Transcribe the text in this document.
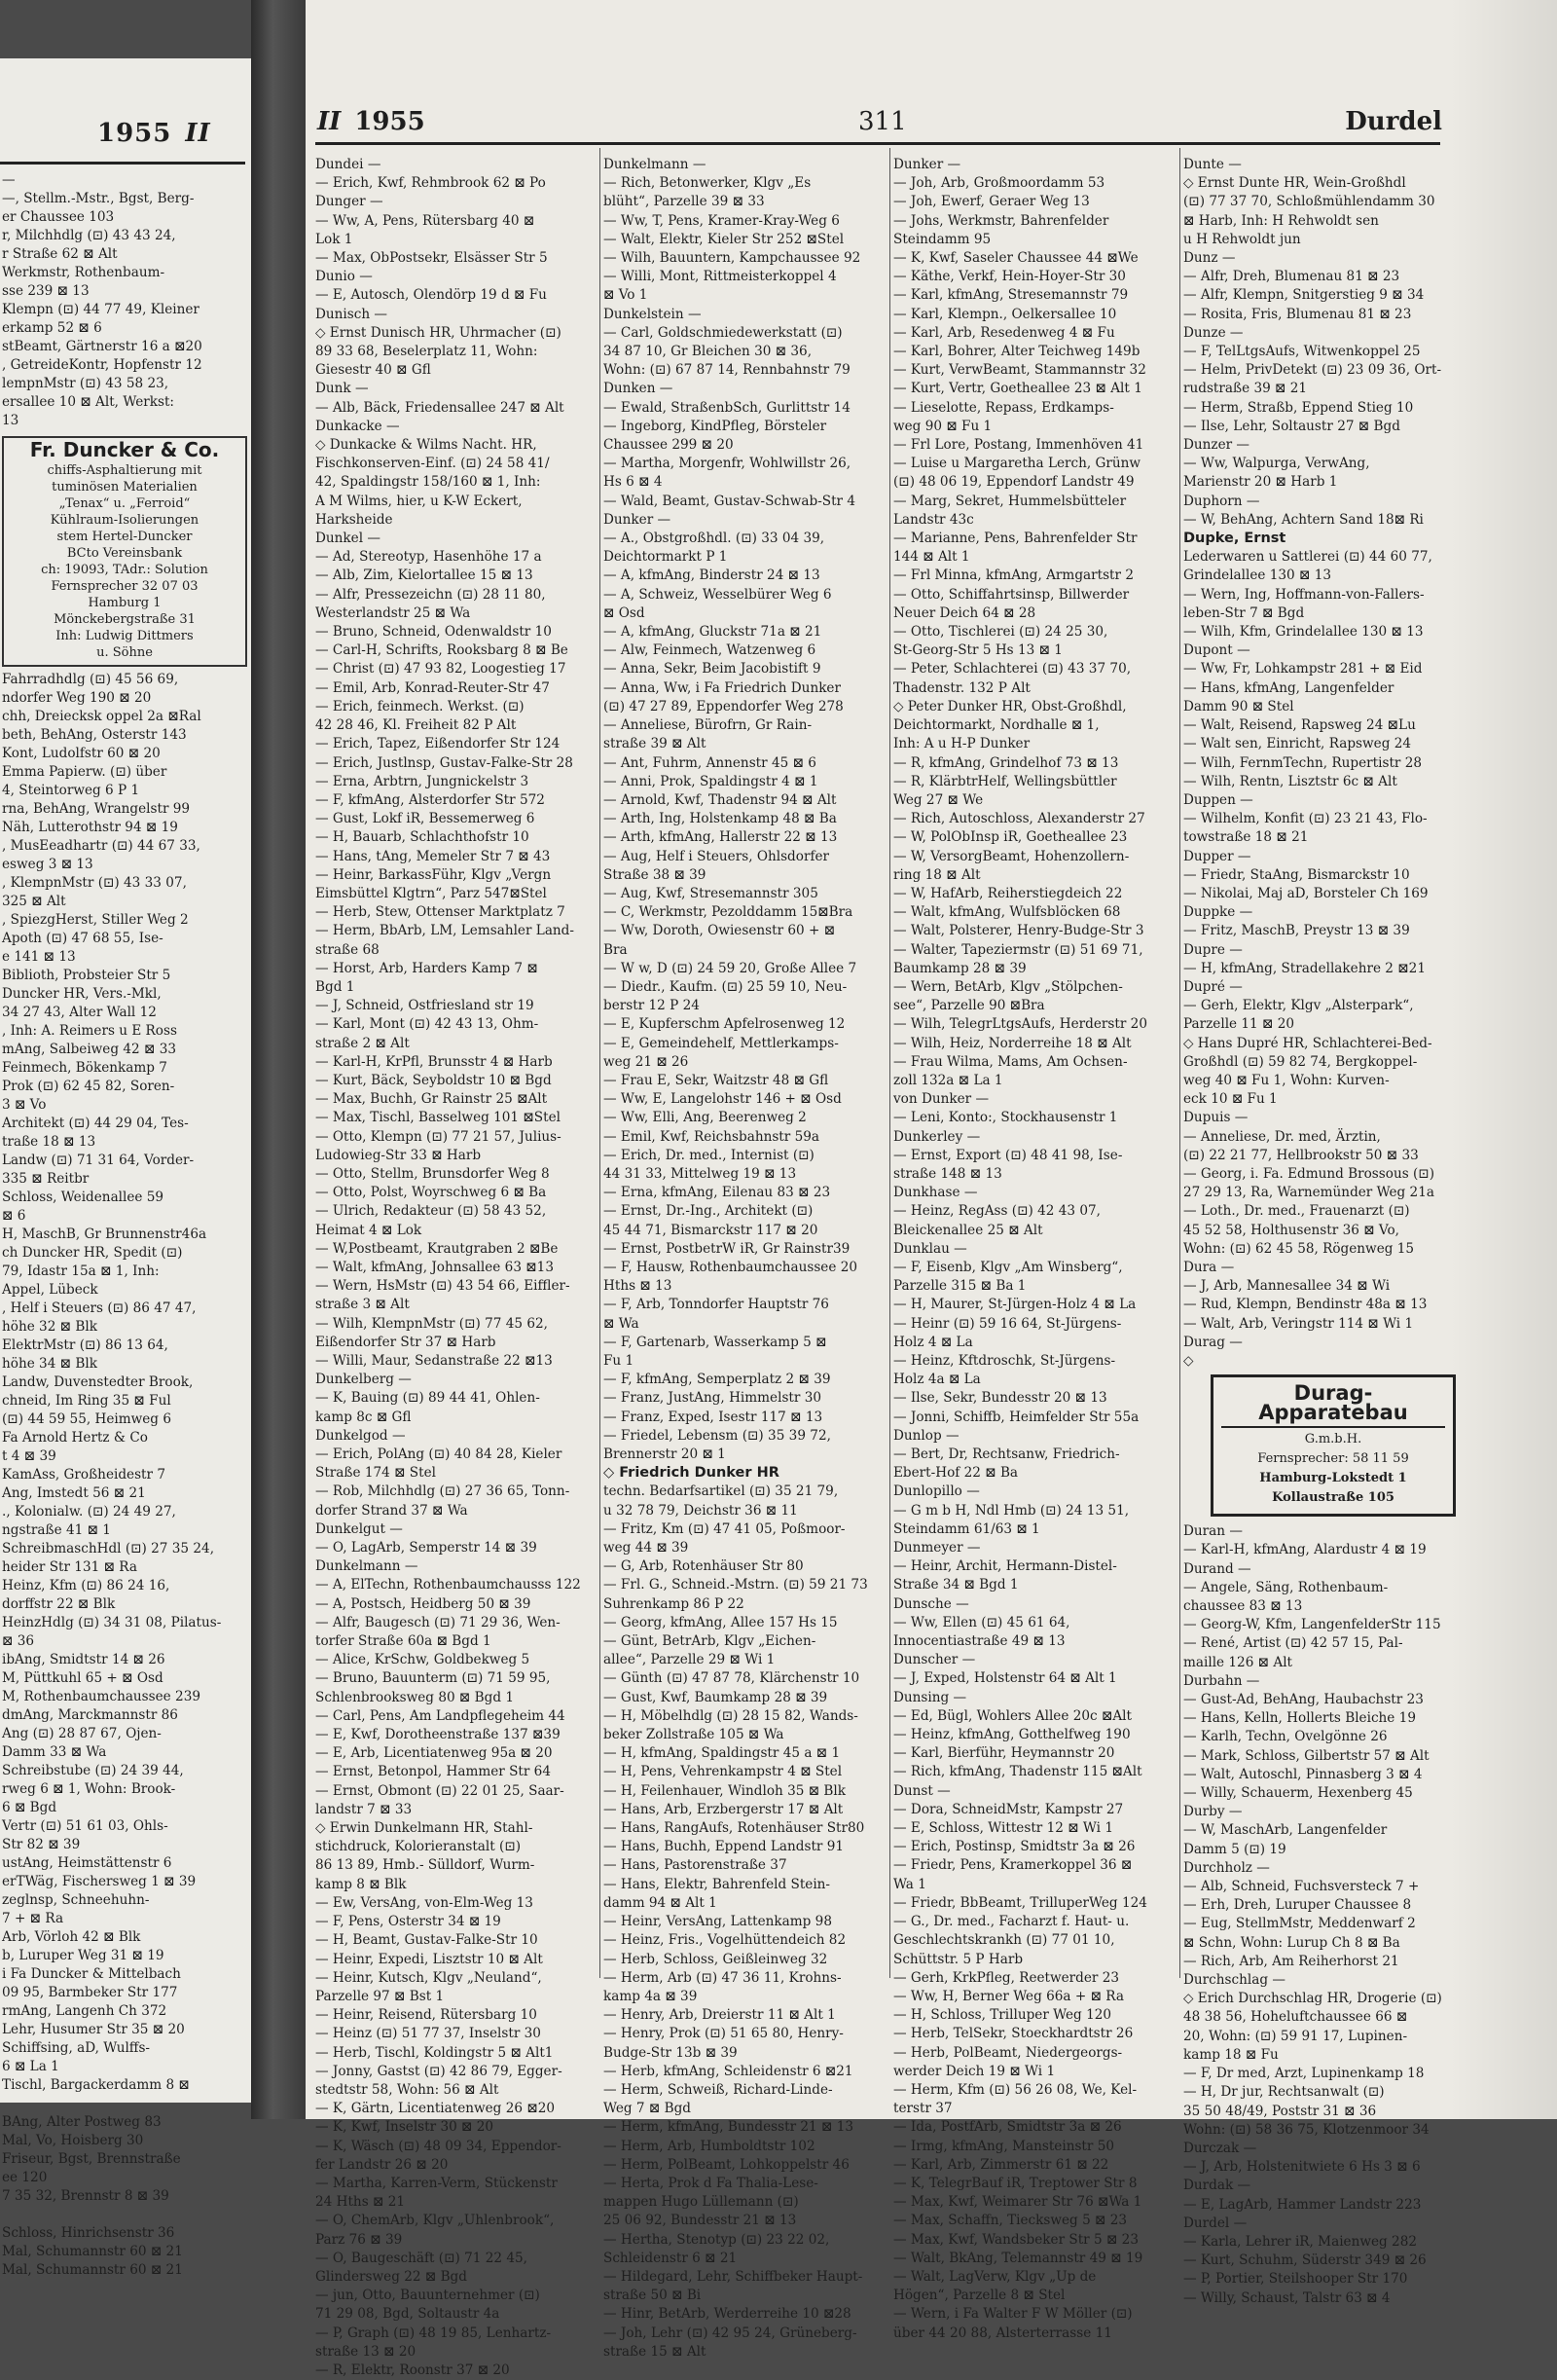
1955 II
—
—, Stellm.-Mstr., Bgst, Berg-
er Chaussee 103
r, Milchhdlg (⊡) 43 43 24,
r Straße 62 ⊠ Alt
Werkmstr, Rothenbaum-
sse 239 ⊠ 13
Klempn (⊡) 44 77 49, Kleiner
erkamp 52 ⊠ 6
stBeamt, Gärtnerstr 16 a ⊠20
, GetreideKontr, Hopfenstr 12
lempnMstr (⊡) 43 58 23,
ersallee 10 ⊠ Alt, Werkst:
13
Fr. Duncker & Co.
chiffs-Asphaltierung mit
tuminösen Materialien
„Tenax“ u. „Ferroid“
Kühlraum-Isolierungen
stem Hertel-Duncker
BCto Vereinsbank
ch: 19093, TAdr.: Solution
Fernsprecher 32 07 03
Hamburg 1
Mönckebergstraße 31
Inh: Ludwig Dittmers
u. Söhne
Fahrradhdlg (⊡) 45 56 69,
ndorfer Weg 190 ⊠ 20
chh, Dreiecksk oppel 2a ⊠Ral
beth, BehAng, Osterstr 143
Kont, Ludolfstr 60 ⊠ 20
Emma Papierw. (⊡) über
4, Steintorweg 6 P 1
rna, BehAng, Wrangelstr 99
Näh, Lutterothstr 94 ⊠ 19
, MusEeadhartr (⊡) 44 67 33,
esweg 3 ⊠ 13
, KlempnMstr (⊡) 43 33 07,
325 ⊠ Alt
, SpiezgHerst, Stiller Weg 2
Apoth (⊡) 47 68 55, Ise-
e 141 ⊠ 13
Biblioth, Probsteier Str 5
Duncker HR, Vers.-Mkl,
34 27 43, Alter Wall 12
, Inh: A. Reimers u E Ross
mAng, Salbeiweg 42 ⊠ 33
Feinmech, Bökenkamp 7
Prok (⊡) 62 45 82, Soren-
3 ⊠ Vo
Architekt (⊡) 44 29 04, Tes-
traße 18 ⊠ 13
Landw (⊡) 71 31 64, Vorder-
335 ⊠ Reitbr
Schloss, Weidenallee 59
⊠ 6
H, MaschB, Gr Brunnenstr46a
ch Duncker HR, Spedit (⊡)
79, Idastr 15a ⊠ 1, Inh:
Appel, Lübeck
, Helf i Steuers (⊡) 86 47 47,
höhe 32 ⊠ Blk
ElektrMstr (⊡) 86 13 64,
höhe 34 ⊠ Blk
Landw, Duvenstedter Brook,
chneid, Im Ring 35 ⊠ Ful
(⊡) 44 59 55, Heimweg 6
Fa Arnold Hertz & Co
t 4 ⊠ 39
KamAss, Großheidestr 7
Ang, Imstedt 56 ⊠ 21
., Kolonialw. (⊡) 24 49 27,
ngstraße 41 ⊠ 1
SchreibmaschHdl (⊡) 27 35 24,
heider Str 131 ⊠ Ra
Heinz, Kfm (⊡) 86 24 16,
dorffstr 22 ⊠ Blk
HeinzHdlg (⊡) 34 31 08, Pilatus-
⊠ 36
ibAng, Smidtstr 14 ⊠ 26
M, Püttkuhl 65 + ⊠ Osd
M, Rothenbaumchaussee 239
dmAng, Marckmannstr 86
Ang (⊡) 28 87 67, Ojen-
Damm 33 ⊠ Wa
Schreibstube (⊡) 24 39 44,
rweg 6 ⊠ 1, Wohn: Brook-
6 ⊠ Bgd
Vertr (⊡) 51 61 03, Ohls-
Str 82 ⊠ 39
ustAng, Heimstättenstr 6
erTWäg, Fischersweg 1 ⊠ 39
zeglnsp, Schneehuhn-
7 + ⊠ Ra
Arb, Vörloh 42 ⊠ Blk
b, Luruper Weg 31 ⊠ 19
i Fa Duncker & Mittelbach
09 95, Barmbeker Str 177
rmAng, Langenh Ch 372
Lehr, Husumer Str 35 ⊠ 20
Schiffsing, aD, Wulffs-
6 ⊠ La 1
Tischl, Bargackerdamm 8 ⊠

BAng, Alter Postweg 83
Mal, Vo, Hoisberg 30
Friseur, Bgst, Brennstraße
ee 120
7 35 32, Brennstr 8 ⊠ 39

Schloss, Hinrichsenstr 36
Mal, Schumannstr 60 ⊠ 21
Mal, Schumannstr 60 ⊠ 21
II 1955	311	Durdel
Dundei —
— Erich, Kwf, Rehmbrook 62 ⊠ Po
Dunger —
— Ww, A, Pens, Rütersbarg 40 ⊠
Lok 1
— Max, ObPostsekr, Elsässer Str 5
Dunio —
— E, Autosch, Olendörp 19 d ⊠ Fu
Dunisch —
◇ Ernst Dunisch HR, Uhrmacher (⊡)
89 33 68, Beselerplatz 11, Wohn:
Giesestr 40 ⊠ Gfl
Dunk —
— Alb, Bäck, Friedensallee 247 ⊠ Alt
Dunkacke —
◇ Dunkacke & Wilms Nacht. HR,
Fischkonserven-Einf. (⊡) 24 58 41/
42, Spaldingstr 158/160 ⊠ 1, Inh:
A M Wilms, hier, u K-W Eckert,
Harksheide
Dunkel —
— Ad, Stereotyp, Hasenhöhe 17 a
— Alb, Zim, Kielortallee 15 ⊠ 13
— Alfr, Pressezeichn (⊡) 28 11 80,
Westerlandstr 25 ⊠ Wa
— Bruno, Schneid, Odenwaldstr 10
— Carl-H, Schrifts, Rooksbarg 8 ⊠ Be
— Christ (⊡) 47 93 82, Loogestieg 17
— Emil, Arb, Konrad-Reuter-Str 47
— Erich, feinmech. Werkst. (⊡)
42 28 46, Kl. Freiheit 82 P Alt
— Erich, Tapez, Eißendorfer Str 124
— Erich, Justlnsp, Gustav-Falke-Str 28
— Erna, Arbtrn, Jungnickelstr 3
— F, kfmAng, Alsterdorfer Str 572
— Gust, Lokf iR, Bessemerweg 6
— H, Bauarb, Schlachthofstr 10
— Hans, tAng, Memeler Str 7 ⊠ 43
— Heinr, BarkassFühr, Klgv „Vergn
Eimsbüttel Klgtrn“, Parz 547⊠Stel
— Herb, Stew, Ottenser Marktplatz 7
— Herm, BbArb, LM, Lemsahler Land-
straße 68
— Horst, Arb, Harders Kamp 7 ⊠
Bgd 1
— J, Schneid, Ostfriesland str 19
— Karl, Mont (⊡) 42 43 13, Ohm-
straße 2 ⊠ Alt
— Karl-H, KrPfl, Brunsstr 4 ⊠ Harb
— Kurt, Bäck, Seyboldstr 10 ⊠ Bgd
— Max, Buchh, Gr Rainstr 25 ⊠Alt
— Max, Tischl, Basselweg 101 ⊠Stel
— Otto, Klempn (⊡) 77 21 57, Julius-
Ludowieg-Str 33 ⊠ Harb
— Otto, Stellm, Brunsdorfer Weg 8
— Otto, Polst, Woyrschweg 6 ⊠ Ba
— Ulrich, Redakteur (⊡) 58 43 52,
Heimat 4 ⊠ Lok
— W,Postbeamt, Krautgraben 2 ⊠Be
— Walt, kfmAng, Johnsallee 63 ⊠13
— Wern, HsMstr (⊡) 43 54 66, Eiffler-
straße 3 ⊠ Alt
— Wilh, KlempnMstr (⊡) 77 45 62,
Eißendorfer Str 37 ⊠ Harb
— Willi, Maur, Sedanstraße 22 ⊠13
Dunkelberg —
— K, Bauing (⊡) 89 44 41, Ohlen-
kamp 8c ⊠ Gfl
Dunkelgod —
— Erich, PolAng (⊡) 40 84 28, Kieler
Straße 174 ⊠ Stel
— Rob, Milchhdlg (⊡) 27 36 65, Tonn-
dorfer Strand 37 ⊠ Wa
Dunkelgut —
— O, LagArb, Semperstr 14 ⊠ 39
Dunkelmann —
— A, ElTechn, Rothenbaumchausss 122
— A, Postsch, Heidberg 50 ⊠ 39
— Alfr, Baugesch (⊡) 71 29 36, Wen-
torfer Straße 60a ⊠ Bgd 1
— Alice, KrSchw, Goldbekweg 5
— Bruno, Bauunterm (⊡) 71 59 95,
Schlenbrooksweg 80 ⊠ Bgd 1
— Carl, Pens, Am Landpflegeheim 44
— E, Kwf, Dorotheenstraße 137 ⊠39
— E, Arb, Licentiatenweg 95a ⊠ 20
— Ernst, Betonpol, Hammer Str 64
— Ernst, Obmont (⊡) 22 01 25, Saar-
landstr 7 ⊠ 33
◇ Erwin Dunkelmann HR, Stahl-
stichdruck, Kolorieranstalt (⊡)
86 13 89, Hmb.- Sülldorf, Wurm-
kamp 8 ⊠ Blk
— Ew, VersAng, von-Elm-Weg 13
— F, Pens, Osterstr 34 ⊠ 19
— H, Beamt, Gustav-Falke-Str 10
— Heinr, Expedi, Lisztstr 10 ⊠ Alt
— Heinr, Kutsch, Klgv „Neuland“,
Parzelle 97 ⊠ Bst 1
— Heinr, Reisend, Rütersbarg 10
— Heinz (⊡) 51 77 37, Inselstr 30
— Herb, Tischl, Koldingstr 5 ⊠ Alt1
— Jonny, Gastst (⊡) 42 86 79, Egger-
stedtstr 58, Wohn: 56 ⊠ Alt
— K, Gärtn, Licentiatenweg 26 ⊠20
— K, Kwf, Inselstr 30 ⊠ 20
— K, Wäsch (⊡) 48 09 34, Eppendor-
fer Landstr 26 ⊠ 20
— Martha, Karren-Verm, Stückenstr
24 Hths ⊠ 21
— O, ChemArb, Klgv „Uhlenbrook“,
Parz 76 ⊠ 39
— O, Baugeschäft (⊡) 71 22 45,
Glindersweg 22 ⊠ Bgd
— jun, Otto, Bauunternehmer (⊡)
71 29 08, Bgd, Soltaustr 4a
— P, Graph (⊡) 48 19 85, Lenhartz-
straße 13 ⊠ 20
— R, Elektr, Roonstr 37 ⊠ 20
Dunkelmann —
— Rich, Betonwerker, Klgv „Es
blüht“, Parzelle 39 ⊠ 33
— Ww, T, Pens, Kramer-Kray-Weg 6
— Walt, Elektr, Kieler Str 252 ⊠Stel
— Wilh, Bauuntern, Kampchaussee 92
— Willi, Mont, Rittmeisterkoppel 4
⊠ Vo 1
Dunkelstein —
— Carl, Goldschmiedewerkstatt (⊡)
34 87 10, Gr Bleichen 30 ⊠ 36,
Wohn: (⊡) 67 87 14, Rennbahnstr 79
Dunken —
— Ewald, StraßenbSch, Gurlittstr 14
— Ingeborg, KindPfleg, Börsteler
Chaussee 299 ⊠ 20
— Martha, Morgenfr, Wohlwillstr 26,
Hs 6 ⊠ 4
— Wald, Beamt, Gustav-Schwab-Str 4
Dunker —
— A., Obstgroßhdl. (⊡) 33 04 39,
Deichtormarkt P 1
— A, kfmAng, Binderstr 24 ⊠ 13
— A, Schweiz, Wesselbürer Weg 6
⊠ Osd
— A, kfmAng, Gluckstr 71a ⊠ 21
— Alw, Feinmech, Watzenweg 6
— Anna, Sekr, Beim Jacobistift 9
— Anna, Ww, i Fa Friedrich Dunker
(⊡) 47 27 89, Eppendorfer Weg 278
— Anneliese, Bürofrn, Gr Rain-
straße 39 ⊠ Alt
— Ant, Fuhrm, Annenstr 45 ⊠ 6
— Anni, Prok, Spaldingstr 4 ⊠ 1
— Arnold, Kwf, Thadenstr 94 ⊠ Alt
— Arth, Ing, Holstenkamp 48 ⊠ Ba
— Arth, kfmAng, Hallerstr 22 ⊠ 13
— Aug, Helf i Steuers, Ohlsdorfer
Straße 38 ⊠ 39
— Aug, Kwf, Stresemannstr 305
— C, Werkmstr, Pezolddamm 15⊠Bra
— Ww, Doroth, Owiesenstr 60 + ⊠
Bra
— W w, D (⊡) 24 59 20, Große Allee 7
— Diedr., Kaufm. (⊡) 25 59 10, Neu-
berstr 12 P 24
— E, Kupferschm Apfelrosenweg 12
— E, Gemeindehelf, Mettlerkamps-
weg 21 ⊠ 26
— Frau E, Sekr, Waitzstr 48 ⊠ Gfl
— Ww, E, Langelohstr 146 + ⊠ Osd
— Ww, Elli, Ang, Beerenweg 2
— Emil, Kwf, Reichsbahnstr 59a
— Erich, Dr. med., Internist (⊡)
44 31 33, Mittelweg 19 ⊠ 13
— Erna, kfmAng, Eilenau 83 ⊠ 23
— Ernst, Dr.-Ing., Architekt (⊡)
45 44 71, Bismarckstr 117 ⊠ 20
— Ernst, PostbetrW iR, Gr Rainstr39
— F, Hausw, Rothenbaumchaussee 20
Hths ⊠ 13
— F, Arb, Tonndorfer Hauptstr 76
⊠ Wa
— F, Gartenarb, Wasserkamp 5 ⊠
Fu 1
— F, kfmAng, Semperplatz 2 ⊠ 39
— Franz, JustAng, Himmelstr 30
— Franz, Exped, Isestr 117 ⊠ 13
— Friedel, Lebensm (⊡) 35 39 72,
Brennerstr 20 ⊠ 1
◇ Friedrich Dunker HR
techn. Bedarfsartikel (⊡) 35 21 79,
u 32 78 79, Deichstr 36 ⊠ 11
— Fritz, Km (⊡) 47 41 05, Poßmoor-
weg 44 ⊠ 39
— G, Arb, Rotenhäuser Str 80
— Frl. G., Schneid.-Mstrn. (⊡) 59 21 73
Suhrenkamp 86 P 22
— Georg, kfmAng, Allee 157 Hs 15
— Günt, BetrArb, Klgv „Eichen-
allee“, Parzelle 29 ⊠ Wi 1
— Günth (⊡) 47 87 78, Klärchenstr 10
— Gust, Kwf, Baumkamp 28 ⊠ 39
— H, Möbelhdlg (⊡) 28 15 82, Wands-
beker Zollstraße 105 ⊠ Wa
— H, kfmAng, Spaldingstr 45 a ⊠ 1
— H, Pens, Vehrenkampstr 4 ⊠ Stel
— H, Feilenhauer, Windloh 35 ⊠ Blk
— Hans, Arb, Erzbergerstr 17 ⊠ Alt
— Hans, RangAufs, Rotenhäuser Str80
— Hans, Buchh, Eppend Landstr 91
— Hans, Pastorenstraße 37
— Hans, Elektr, Bahrenfeld Stein-
damm 94 ⊠ Alt 1
— Heinr, VersAng, Lattenkamp 98
— Heinz, Fris., Vogelhüttendeich 82
— Herb, Schloss, Geißleinweg 32
— Herm, Arb (⊡) 47 36 11, Krohns-
kamp 4a ⊠ 39
— Henry, Arb, Dreierstr 11 ⊠ Alt 1
— Henry, Prok (⊡) 51 65 80, Henry-
Budge-Str 13b ⊠ 39
— Herb, kfmAng, Schleidenstr 6 ⊠21
— Herm, Schweiß, Richard-Linde-
Weg 7 ⊠ Bgd
— Herm, kfmAng, Bundesstr 21 ⊠ 13
— Herm, Arb, Humboldtstr 102
— Herm, PolBeamt, Lohkoppelstr 46
— Herta, Prok d Fa Thalia-Lese-
mappen Hugo Lüllemann (⊡)
25 06 92, Bundesstr 21 ⊠ 13
— Hertha, Stenotyp (⊡) 23 22 02,
Schleidenstr 6 ⊠ 21
— Hildegard, Lehr, Schiffbeker Haupt-
straße 50 ⊠ Bi
— Hinr, BetArb, Werderreihe 10 ⊠28
— Joh, Lehr (⊡) 42 95 24, Grüneberg-
straße 15 ⊠ Alt
Dunker —
— Joh, Arb, Großmoordamm 53
— Joh, Ewerf, Geraer Weg 13
— Johs, Werkmstr, Bahrenfelder
Steindamm 95
— K, Kwf, Saseler Chaussee 44 ⊠We
— Käthe, Verkf, Hein-Hoyer-Str 30
— Karl, kfmAng, Stresemannstr 79
— Karl, Klempn., Oelkersallee 10
— Karl, Arb, Resedenweg 4 ⊠ Fu
— Karl, Bohrer, Alter Teichweg 149b
— Kurt, VerwBeamt, Stammannstr 32
— Kurt, Vertr, Goetheallee 23 ⊠ Alt 1
— Lieselotte, Repass, Erdkamps-
weg 90 ⊠ Fu 1
— Frl Lore, Postang, Immenhöven 41
— Luise u Margaretha Lerch, Grünw
(⊡) 48 06 19, Eppendorf Landstr 49
— Marg, Sekret, Hummelsbütteler
Landstr 43c
— Marianne, Pens, Bahrenfelder Str
144 ⊠ Alt 1
— Frl Minna, kfmAng, Armgartstr 2
— Otto, Schiffahrtsinsp, Billwerder
Neuer Deich 64 ⊠ 28
— Otto, Tischlerei (⊡) 24 25 30,
St-Georg-Str 5 Hs 13 ⊠ 1
— Peter, Schlachterei (⊡) 43 37 70,
Thadenstr. 132 P Alt
◇ Peter Dunker HR, Obst-Großhdl,
Deichtormarkt, Nordhalle ⊠ 1,
Inh: A u H-P Dunker
— R, kfmAng, Grindelhof 73 ⊠ 13
— R, KlärbtrHelf, Wellingsbüttler
Weg 27 ⊠ We
— Rich, Autoschloss, Alexanderstr 27
— W, PolObInsp iR, Goetheallee 23
— W, VersorgBeamt, Hohenzollern-
ring 18 ⊠ Alt
— W, HafArb, Reiherstiegdeich 22
— Walt, kfmAng, Wulfsblöcken 68
— Walt, Polsterer, Henry-Budge-Str 3
— Walter, Tapeziermstr (⊡) 51 69 71,
Baumkamp 28 ⊠ 39
— Wern, BetArb, Klgv „Stölpchen-
see“, Parzelle 90 ⊠Bra
— Wilh, TelegrLtgsAufs, Herderstr 20
— Wilh, Heiz, Norderreihe 18 ⊠ Alt
— Frau Wilma, Mams, Am Ochsen-
zoll 132a ⊠ La 1
von Dunker —
— Leni, Konto:, Stockhausenstr 1
Dunkerley —
— Ernst, Export (⊡) 48 41 98, Ise-
straße 148 ⊠ 13
Dunkhase —
— Heinz, RegAss (⊡) 42 43 07,
Bleickenallee 25 ⊠ Alt
Dunklau —
— F, Eisenb, Klgv „Am Winsberg“,
Parzelle 315 ⊠ Ba 1
— H, Maurer, St-Jürgen-Holz 4 ⊠ La
— Heinr (⊡) 59 16 64, St-Jürgens-
Holz 4 ⊠ La
— Heinz, Kftdroschk, St-Jürgens-
Holz 4a ⊠ La
— Ilse, Sekr, Bundesstr 20 ⊠ 13
— Jonni, Schiffb, Heimfelder Str 55a
Dunlop —
— Bert, Dr, Rechtsanw, Friedrich-
Ebert-Hof 22 ⊠ Ba
Dunlopillo —
— G m b H, Ndl Hmb (⊡) 24 13 51,
Steindamm 61/63 ⊠ 1
Dunmeyer —
— Heinr, Archit, Hermann-Distel-
Straße 34 ⊠ Bgd 1
Dunsche —
— Ww, Ellen (⊡) 45 61 64,
Innocentiastraße 49 ⊠ 13
Dunscher —
— J, Exped, Holstenstr 64 ⊠ Alt 1
Dunsing —
— Ed, Bügl, Wohlers Allee 20c ⊠Alt
— Heinz, kfmAng, Gotthelfweg 190
— Karl, Bierführ, Heymannstr 20
— Rich, kfmAng, Thadenstr 115 ⊠Alt
Dunst —
— Dora, SchneidMstr, Kampstr 27
— E, Schloss, Wittestr 12 ⊠ Wi 1
— Erich, Postinsp, Smidtstr 3a ⊠ 26
— Friedr, Pens, Kramerkoppel 36 ⊠
Wa 1
— Friedr, BbBeamt, TrilluperWeg 124
— G., Dr. med., Facharzt f. Haut- u.
Geschlechtskrankh (⊡) 77 01 10,
Schüttstr. 5 P Harb
— Gerh, KrkPfleg, Reetwerder 23
— Ww, H, Berner Weg 66a + ⊠ Ra
— H, Schloss, Trilluper Weg 120
— Herb, TelSekr, Stoeckhardtstr 26
— Herb, PolBeamt, Niedergeorgs-
werder Deich 19 ⊠ Wi 1
— Herm, Kfm (⊡) 56 26 08, We, Kel-
terstr 37
— Ida, PostfArb, Smidtstr 3a ⊠ 26
— Irmg, kfmAng, Mansteinstr 50
— Karl, Arb, Zimmerstr 61 ⊠ 22
— K, TelegrBauf iR, Treptower Str 8
— Max, Kwf, Weimarer Str 76 ⊠Wa 1
— Max, Schaffn, Tiecksweg 5 ⊠ 23
— Max, Kwf, Wandsbeker Str 5 ⊠ 23
— Walt, BkAng, Telemannstr 49 ⊠ 19
— Walt, LagVerw, Klgv „Up de
Högen“, Parzelle 8 ⊠ Stel
— Wern, i Fa Walter F W Möller (⊡)
über 44 20 88, Alsterterrasse 11
Dunte —
◇ Ernst Dunte HR, Wein-Großhdl
(⊡) 77 37 70, Schloßmühlendamm 30
⊠ Harb, Inh: H Rehwoldt sen
u H Rehwoldt jun
Dunz —
— Alfr, Dreh, Blumenau 81 ⊠ 23
— Alfr, Klempn, Snitgerstieg 9 ⊠ 34
— Rosita, Fris, Blumenau 81 ⊠ 23
Dunze —
— F, TelLtgsAufs, Witwenkoppel 25
— Helm, PrivDetekt (⊡) 23 09 36, Ort-
rudstraße 39 ⊠ 21
— Herm, Straßb, Eppend Stieg 10
— Ilse, Lehr, Soltaustr 27 ⊠ Bgd
Dunzer —
— Ww, Walpurga, VerwAng,
Marienstr 20 ⊠ Harb 1
Duphorn —
— W, BehAng, Achtern Sand 18⊠ Ri
Dupke, Ernst
Lederwaren u Sattlerei (⊡) 44 60 77,
Grindelallee 130 ⊠ 13
— Wern, Ing, Hoffmann-von-Fallers-
leben-Str 7 ⊠ Bgd
— Wilh, Kfm, Grindelallee 130 ⊠ 13
Dupont —
— Ww, Fr, Lohkampstr 281 + ⊠ Eid
— Hans, kfmAng, Langenfelder
Damm 90 ⊠ Stel
— Walt, Reisend, Rapsweg 24 ⊠Lu
— Walt sen, Einricht, Rapsweg 24
— Wilh, FernmTechn, Rupertistr 28
— Wilh, Rentn, Lisztstr 6c ⊠ Alt
Duppen —
— Wilhelm, Konfit (⊡) 23 21 43, Flo-
towstraße 18 ⊠ 21
Dupper —
— Friedr, StaAng, Bismarckstr 10
— Nikolai, Maj aD, Borsteler Ch 169
Duppke —
— Fritz, MaschB, Preystr 13 ⊠ 39
Dupre —
— H, kfmAng, Stradellakehre 2 ⊠21
Dupré —
— Gerh, Elektr, Klgv „Alsterpark“,
Parzelle 11 ⊠ 20
◇ Hans Dupré HR, Schlachterei-Bed-
Großhdl (⊡) 59 82 74, Bergkoppel-
weg 40 ⊠ Fu 1, Wohn: Kurven-
eck 10 ⊠ Fu 1
Dupuis —
— Anneliese, Dr. med, Ärztin,
(⊡) 22 21 77, Hellbrookstr 50 ⊠ 33
— Georg, i. Fa. Edmund Brossous (⊡)
27 29 13, Ra, Warnemünder Weg 21a
— Loth., Dr. med., Frauenarzt (⊡)
45 52 58, Holthusenstr 36 ⊠ Vo,
Wohn: (⊡) 62 45 58, Rögenweg 15
Dura —
— J, Arb, Mannesallee 34 ⊠ Wi
— Rud, Klempn, Bendinstr 48a ⊠ 13
— Walt, Arb, Veringstr 114 ⊠ Wi 1
Durag —
◇
Durag-Apparatebau
G.m.b.H.
Fernsprecher: 58 11 59
Hamburg-Lokstedt 1
Kollaustraße 105
Duran —
— Karl-H, kfmAng, Alardustr 4 ⊠ 19
Durand —
— Angele, Säng, Rothenbaum-
chaussee 83 ⊠ 13
— Georg-W, Kfm, LangenfelderStr 115
— René, Artist (⊡) 42 57 15, Pal-
maille 126 ⊠ Alt
Durbahn —
— Gust-Ad, BehAng, Haubachstr 23
— Hans, Kelln, Hollerts Bleiche 19
— Karlh, Techn, Ovelgönne 26
— Mark, Schloss, Gilbertstr 57 ⊠ Alt
— Walt, Autoschl, Pinnasberg 3 ⊠ 4
— Willy, Schauerm, Hexenberg 45
Durby —
— W, MaschArb, Langenfelder
Damm 5 (⊡) 19
Durchholz —
— Alb, Schneid, Fuchsversteck 7 +
— Erh, Dreh, Luruper Chaussee 8
— Eug, StellmMstr, Meddenwarf 2
⊠ Schn, Wohn: Lurup Ch 8 ⊠ Ba
— Rich, Arb, Am Reiherhorst 21
Durchschlag —
◇ Erich Durchschlag HR, Drogerie (⊡)
48 38 56, Hoheluftchaussee 66 ⊠
20, Wohn: (⊡) 59 91 17, Lupinen-
kamp 18 ⊠ Fu
— F, Dr med, Arzt, Lupinenkamp 18
— H, Dr jur, Rechtsanwalt (⊡)
35 50 48/49, Poststr 31 ⊠ 36
Wohn: (⊡) 58 36 75, Klotzenmoor 34
Durczak —
— J, Arb, Holstenitwiete 6 Hs 3 ⊠ 6
Durdak —
— E, LagArb, Hammer Landstr 223
Durdel —
— Karla, Lehrer iR, Maienweg 282
— Kurt, Schuhm, Süderstr 349 ⊠ 26
— P, Portier, Steilshooper Str 170
— Willy, Schaust, Talstr 63 ⊠ 4
